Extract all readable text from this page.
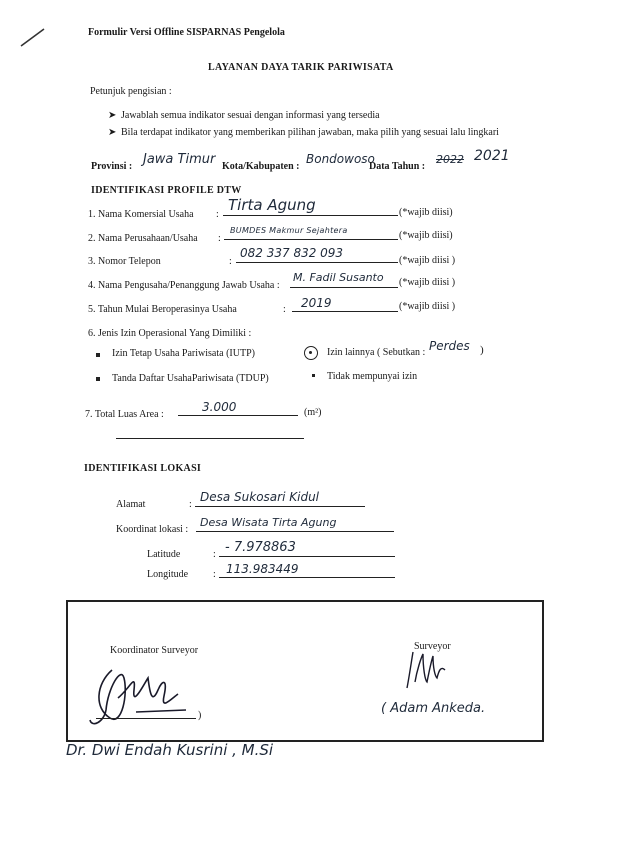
Formulir Versi Offline SISPARNAS Pengelola
LAYANAN DAYA TARIK PARIWISATA
Petunjuk pengisian :
➤ Jawablah semua indikator sesuai dengan informasi yang tersedia
➤ Bila terdapat indikator yang memberikan pilihan jawaban, maka pilih yang sesuai lalu lingkari
Provinsi : Jawa Timur Kota/Kabupaten :
Bondowoso
Data Tahun :
2022 2021
IDENTIFIKASI PROFILE DTW
1. Nama Komersial Usaha :
Tirta Agung	(*wajib diisi)
2. Nama Perusahaan/Usaha :
BUMDES Makmur Sejahtera	(*wajib diisi)
3. Nomor Telepon	:
082 337 832 093
(*wajib diisi )
4. Nama Pengusaha/Penanggung Jawab Usaha :
M. Fadil Susanto (*wajib diisi )
5. Tahun Mulai Beroperasinya Usaha	: 2019	(*wajib diisi )
6. Jenis Izin Operasional Yang Dimiliki :
Izin Tetap Usaha Pariwisata (IUTP)	Izin lainnya ( Sebutkan : Perdes )
Tanda Daftar UsahaPariwisata (TDUP)	Tidak mempunyai izin
7. Total Luas Area :
3.000	(m²)
IDENTIFIKASI LOKASI
Alamat	:
Desa Sukosari Kidul
Koordinat lokasi :
Desa Wisata Tirta Agung
Latitude	: - 7.978863
Longitude : 113.983449
Koordinator Surveyor	Surveyor
)	( Adam Ankeda.
Dr. Dwi Endah Kusrini , M.Si
